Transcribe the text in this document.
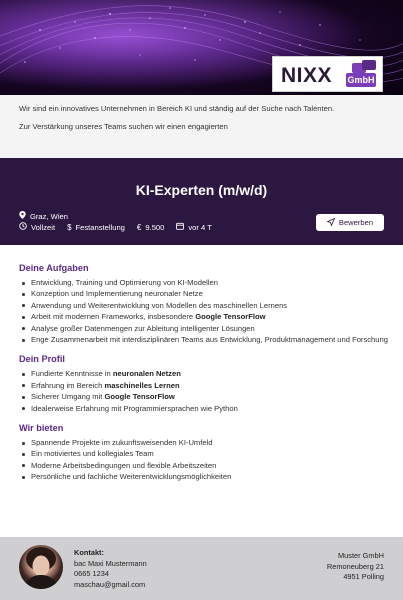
NIXX GmbH

Wir sind ein innovatives Unternehmen in Bereich KI und ständig auf der Suche nach Talenten.

Zur Verstärkung unseres Teams suchen wir einen engagierten

KI-Experten (m/w/d)
Graz, Wien
Vollzeit $ Festanstellung € 9.500	vor 4 T	Bewerben
Deine Aufgaben
Entwicklung, Training und Optimierung von KI-Modellen
Konzeption und Implementierung neuronaler Netze
Anwendung und Weiterentwicklung von Modellen des maschinellen Lernens
Arbeit mit modernen Frameworks, insbesondere Google TensorFlow
Analyse großer Datenmengen zur Ableitung intelligenter Lösungen
Enge Zusammenarbeit mit interdisziplinären Teams aus Entwicklung, Produktmanagement und Forschung
Dein Profil
Fundierte Kenntnisse in neuronalen Netzen
Erfahrung im Bereich maschinelles Lernen
Sicherer Umgang mit Google TensorFlow
Idealerweise Erfahrung mit Programmiersprachen wie Python
Wir bieten
Spannende Projekte im zukunftsweisenden KI-Umfeld
Ein motiviertes und kollegiales Team
Moderne Arbeitsbedingungen und flexible Arbeitszeiten
Persönliche und fachliche Weiterentwicklungsmöglichkeiten
Kontakt:
bac Maxi Mustermann
0665 1234
maschau@gmail.com
Muster GmbH
Remoneuberg 21
4951 Polling
